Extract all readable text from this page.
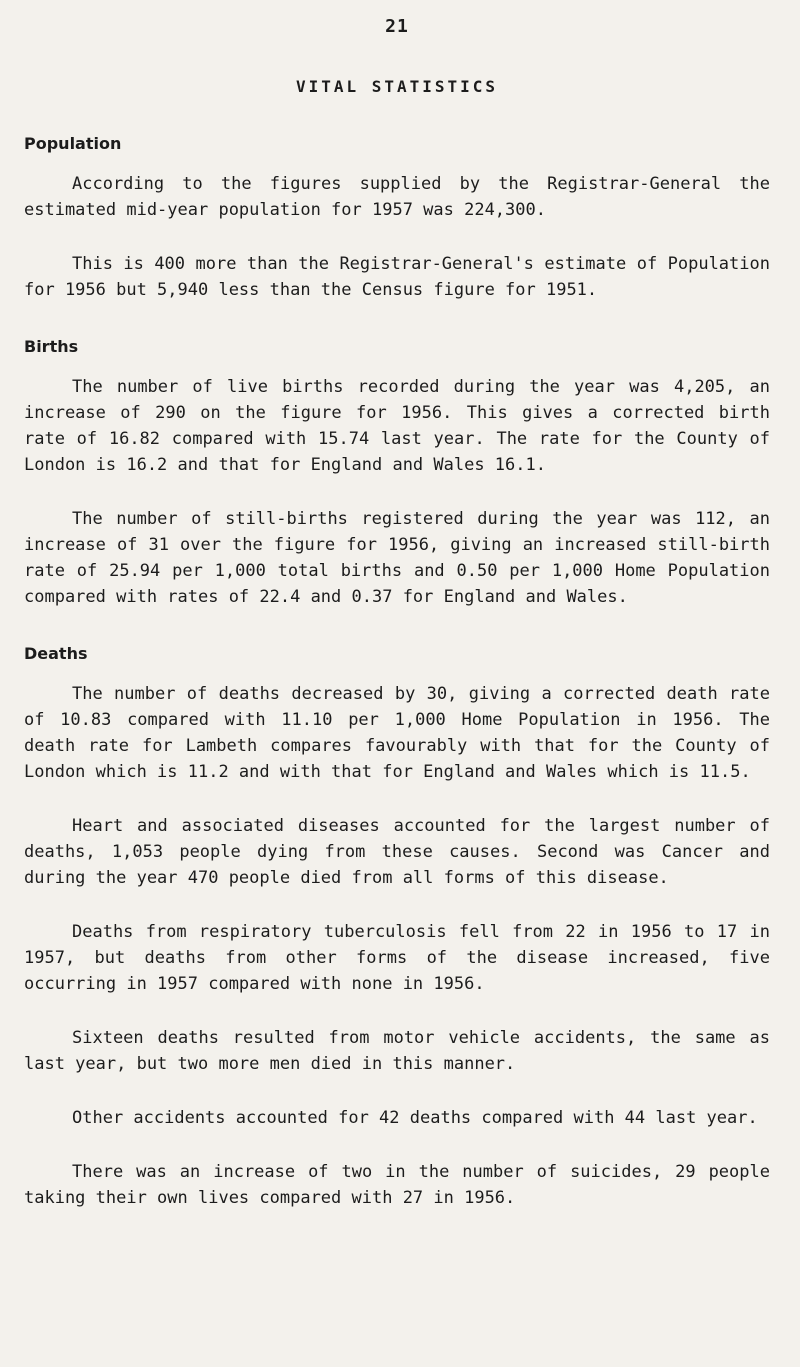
21
VITAL STATISTICS
Population

According to the figures supplied by the Registrar-General the estimated mid-year population for 1957 was 224,300.

This is 400 more than the Registrar-General's estimate of Population for 1956 but 5,940 less than the Census figure for 1951.

Births

The number of live births recorded during the year was 4,205, an increase of 290 on the figure for 1956. This gives a corrected birth rate of 16.82 compared with 15.74 last year. The rate for the County of London is 16.2 and that for England and Wales 16.1.

The number of still-births registered during the year was 112, an increase of 31 over the figure for 1956, giving an increased still-birth rate of 25.94 per 1,000 total births and 0.50 per 1,000 Home Population compared with rates of 22.4 and 0.37 for England and Wales.

Deaths

The number of deaths decreased by 30, giving a corrected death rate of 10.83 compared with 11.10 per 1,000 Home Population in 1956. The death rate for Lambeth compares favourably with that for the County of London which is 11.2 and with that for England and Wales which is 11.5.

Heart and associated diseases accounted for the largest number of deaths, 1,053 people dying from these causes. Second was Cancer and during the year 470 people died from all forms of this disease.

Deaths from respiratory tuberculosis fell from 22 in 1956 to 17 in 1957, but deaths from other forms of the disease increased, five occurring in 1957 compared with none in 1956.

Sixteen deaths resulted from motor vehicle accidents, the same as last year, but two more men died in this manner.

Other accidents accounted for 42 deaths compared with 44 last year.

There was an increase of two in the number of suicides, 29 people taking their own lives compared with 27 in 1956.
